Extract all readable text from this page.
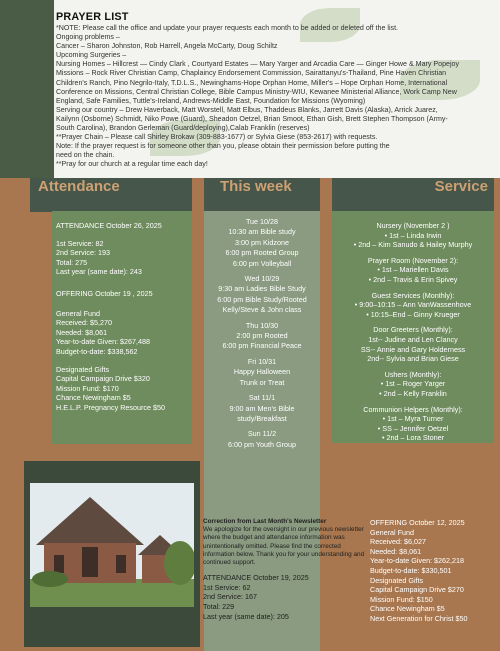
PRAYER LIST

*NOTE: Please call the office and update your prayer requests each month to be added or deleted off the list.

Ongoing problems –

Cancer – Sharon Johnston, Rob Harrell, Angela McCarty, Doug Schiltz

Upcoming Surgeries –

Nursing Homes – Hillcrest — Cindy Clark , Courtyard Estates — Mary Yarger and Arcadia Care — Ginger Howe & Mary Popejoy

Missions – Rock River Christian Camp, Chaplaincy Endorsement Commission, Sairattanyu's-Thailand, Pine Haven Christian

Children's Ranch, Pino Negrilo-Italy, T.D.L.S., Newinghams-Hope Orphan Home, Miller's – Hope Orphan Home, International

Conference on Missions, Central Christian College, Bible Campus Ministry-WIU, Kewanee Ministerial Alliance, Work Camp New

England, Safe Families, Tuttle's-Ireland, Andrews-Middle East, Foundation for Missions (Wyoming)

Serving our country – Drew Haverback, Matt Worstell, Matt Elbus, Thaddeus Blanks, Jarrett Davis (Alaska), Arrick Juarez,

Kailynn (Osborne) Schmidt, Niko Powe (Guard), Sheadon Oetzel, Brian Smoot, Ethan Gish, Brett Stephen Thompson (Army-

South Carolina), Brandon Gerleman (Guard/deploying),Calab Franklin (reserves)

**Prayer Chain – Please call Shirley Brokaw (309-883-1677) or Sylvia Giese (853-2617) with requests.

Note: If the prayer request is for someone other than you, please obtain their permission before putting the

need on the chain.

**Pray for our church at a regular time each day!

Attendance	This week	Service
ATTENDANCE October 26, 2025
1st Service: 82
2nd Service: 193
Total: 275
Last year (same date): 243
OFFERING October 19 , 2025
General Fund
Received: $5,270
Needed: $8,061
Year-to-date Given: $267,488
Budget-to-date: $338,562
Designated Gifts
Capital Campaign Drive $320
Mission Fund: $170
Chance Newingham $5
H.E.L.P. Pregnancy Resource $50
Tue 10/28
10:30 am Bible study
3:00 pm Kidzone
6:00 pm Rooted Group
6:00 pm Volleyball
Wed 10/29
9:30 am Ladies Bible Study
6:00 pm Bible Study/Rooted
Kelly/Steve & John class
Thu 10/30
2:00 pm Rooted
6:00 pm Financial Peace
Fri 10/31
Happy Halloween
Trunk or Treat
Sat 11/1
9:00 am Men's Bible
study/Breakfast
Sun 11/2
6:00 pm Youth Group
Nursery (November 2 )
• 1st – Linda Irwin
• 2nd – Kim Sanudo & Hailey Murphy
Prayer Room (November 2):
• 1st – Mariellen Davis
• 2nd – Travis & Erin Spivey
Guest Services (Monthly):
• 9:00–10:15 – Ann VanWassenhove
• 10:15–End – Ginny Krueger
Door Greeters (Monthly):
1st-- Judine and Len Clancy
SS-- Annie and Gary Holderness
2nd-- Sylvia and Brian Giese
Ushers (Monthly):
• 1st – Roger Yarger
• 2nd – Kelly Franklin
Communion Helpers (Monthly):
• 1st – Myra Turner
• SS – Jennifer Oetzel
• 2nd – Lora Stoner
Correction from Last Month's Newsletter
We apologize for the oversight in our previous newsletter where the budget and attendance information was unintentionally omitted. Please find the corrected information below. Thank you for your understanding and continued support.
ATTENDANCE October 19, 2025
1st Service: 62
2nd Service: 167
Total: 229
Last year (same date): 205
OFFERING October 12, 2025
General Fund
Received: $6,027
Needed: $8,061
Year-to-date Given: $262,218
Budget-to-date: $330,501
Designated Gifts
Capital Campaign Drive $270
Mission Fund: $150
Chance Newingham $5
Next Generation for Christ $50
